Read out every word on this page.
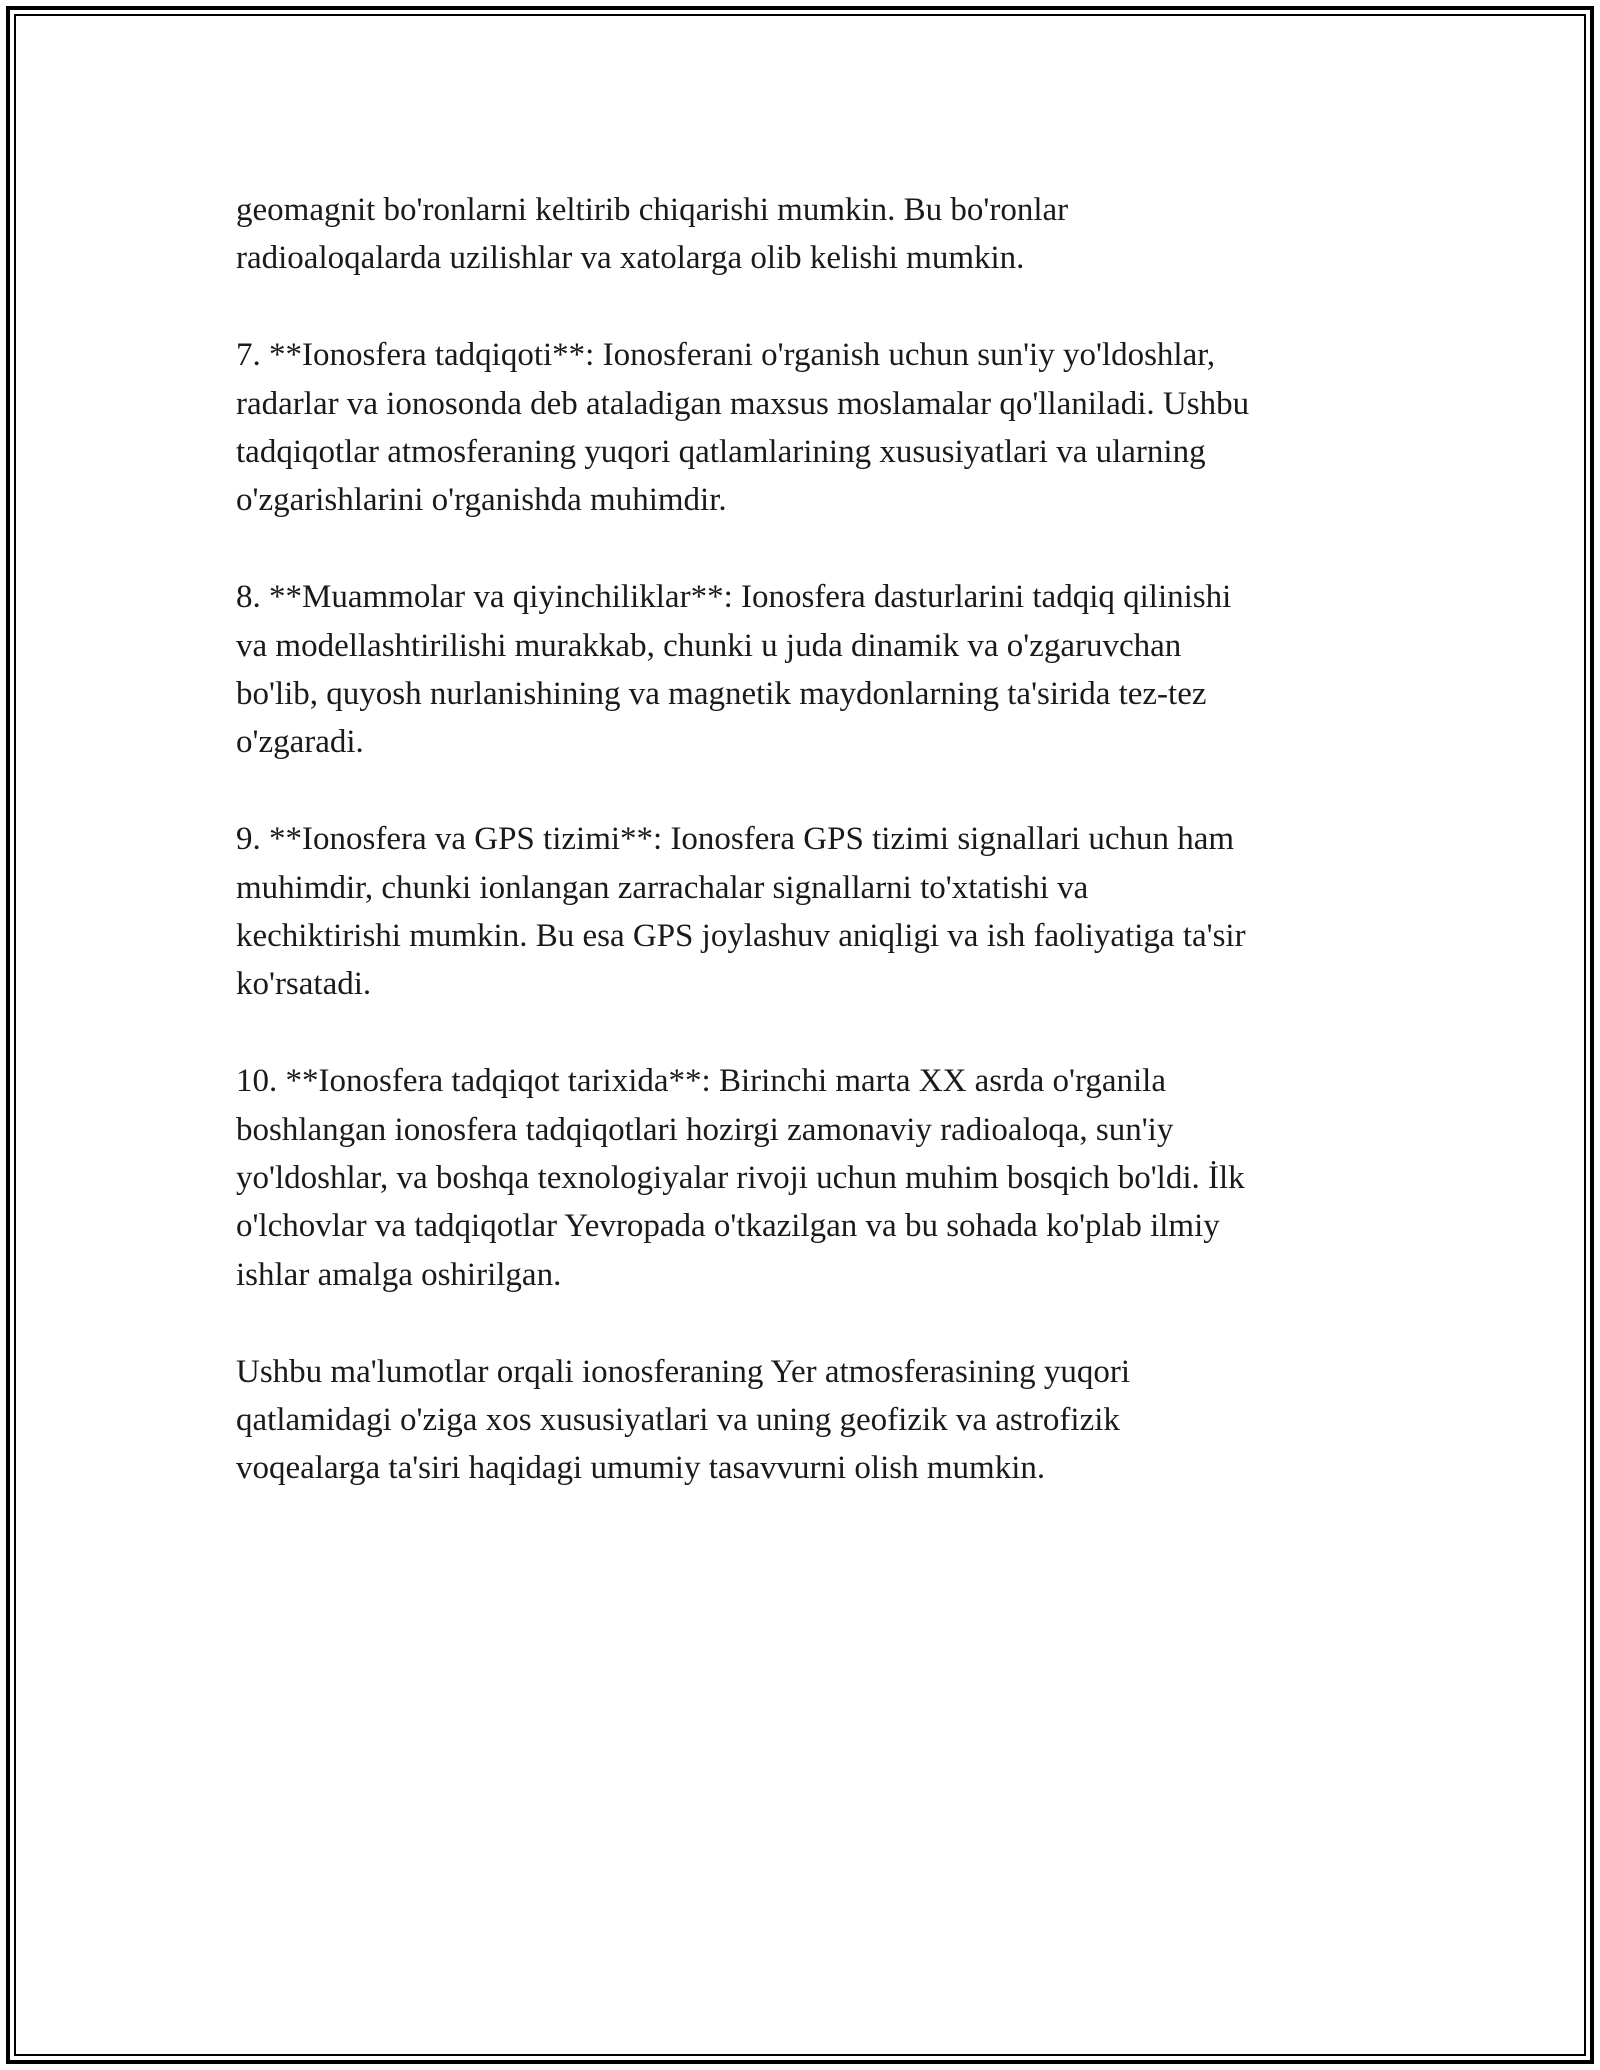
geomagnit bo'ronlarni keltirib chiqarishi mumkin. Bu bo'ronlar
radioaloqalarda uzilishlar va xatolarga olib kelishi mumkin.

7. **Ionosfera tadqiqoti**: Ionosferani o'rganish uchun sun'iy yo'ldoshlar,
radarlar va ionosonda deb ataladigan maxsus moslamalar qo'llaniladi. Ushbu
tadqiqotlar atmosferaning yuqori qatlamlarining xususiyatlari va ularning
o'zgarishlarini o'rganishda muhimdir.

8. **Muammolar va qiyinchiliklar**: Ionosfera dasturlarini tadqiq qilinishi
va modellashtirilishi murakkab, chunki u juda dinamik va o'zgaruvchan
bo'lib, quyosh nurlanishining va magnetik maydonlarning ta'sirida tez-tez
o'zgaradi.

9. **Ionosfera va GPS tizimi**: Ionosfera GPS tizimi signallari uchun ham
muhimdir, chunki ionlangan zarrachalar signallarni to'xtatishi va
kechiktirishi mumkin. Bu esa GPS joylashuv aniqligi va ish faoliyatiga ta'sir
ko'rsatadi.

10. **Ionosfera tadqiqot tarixida**: Birinchi marta XX asrda o'rganila
boshlangan ionosfera tadqiqotlari hozirgi zamonaviy radioaloqa, sun'iy
yo'ldoshlar, va boshqa texnologiyalar rivoji uchun muhim bosqich bo'ldi. İlk
o'lchovlar va tadqiqotlar Yevropada o'tkazilgan va bu sohada ko'plab ilmiy
ishlar amalga oshirilgan.

Ushbu ma'lumotlar orqali ionosferaning Yer atmosferasining yuqori
qatlamidagi o'ziga xos xususiyatlari va uning geofizik va astrofizik
voqealarga ta'siri haqidagi umumiy tasavvurni olish mumkin.
